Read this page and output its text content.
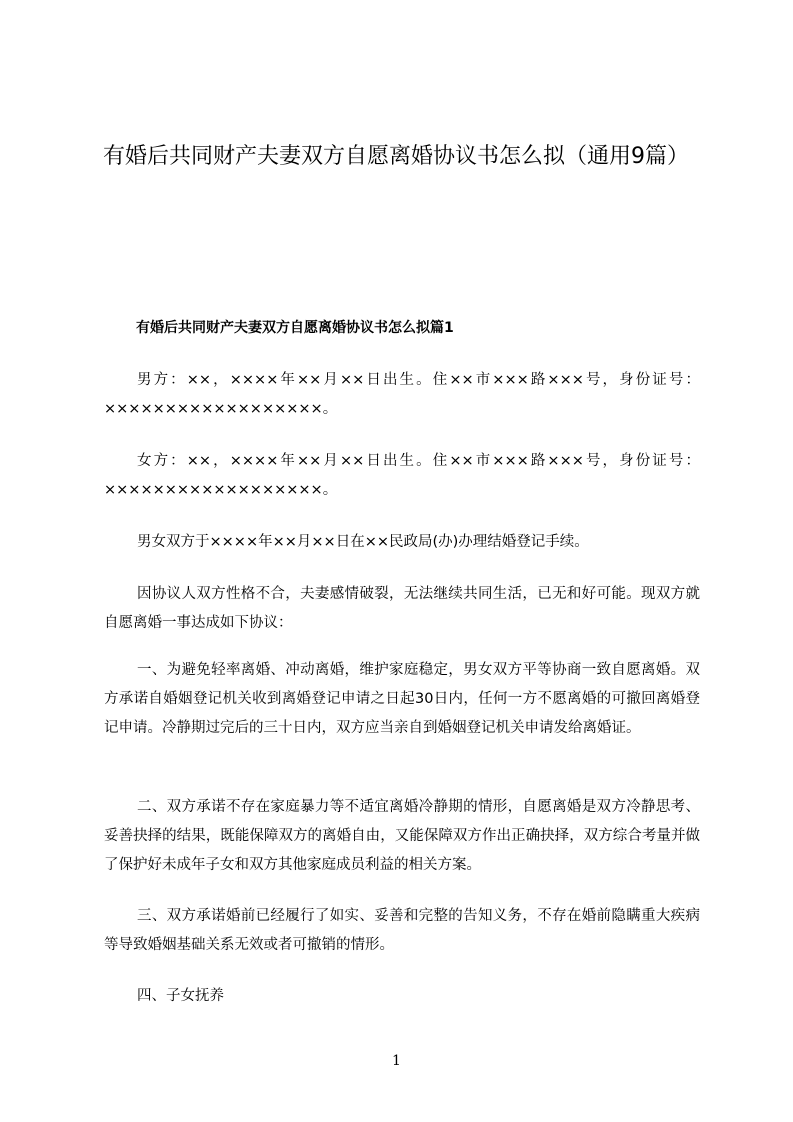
有婚后共同财产夫妻双方自愿离婚协议书怎么拟（通用9篇）
有婚后共同财产夫妻双方自愿离婚协议书怎么拟篇1

男方：××，××××年××月××日出生。住××市×××路×××号，身份证号：××××××××××××××××××。

女方：××，××××年××月××日出生。住××市×××路×××号，身份证号：××××××××××××××××××。

男女双方于××××年××月××日在××民政局(办)办理结婚登记手续。

因协议人双方性格不合，夫妻感情破裂，无法继续共同生活，已无和好可能。现双方就自愿离婚一事达成如下协议：

一、为避免轻率离婚、冲动离婚，维护家庭稳定，男女双方平等协商一致自愿离婚。双方承诺自婚姻登记机关收到离婚登记申请之日起30日内，任何一方不愿离婚的可撤回离婚登记申请。冷静期过完后的三十日内，双方应当亲自到婚姻登记机关申请发给离婚证。

二、双方承诺不存在家庭暴力等不适宜离婚冷静期的情形，自愿离婚是双方冷静思考、妥善抉择的结果，既能保障双方的离婚自由，又能保障双方作出正确抉择，双方综合考量并做了保护好未成年子女和双方其他家庭成员利益的相关方案。

三、双方承诺婚前已经履行了如实、妥善和完整的告知义务，不存在婚前隐瞒重大疾病等导致婚姻基础关系无效或者可撤销的情形。

四、子女抚养

1
